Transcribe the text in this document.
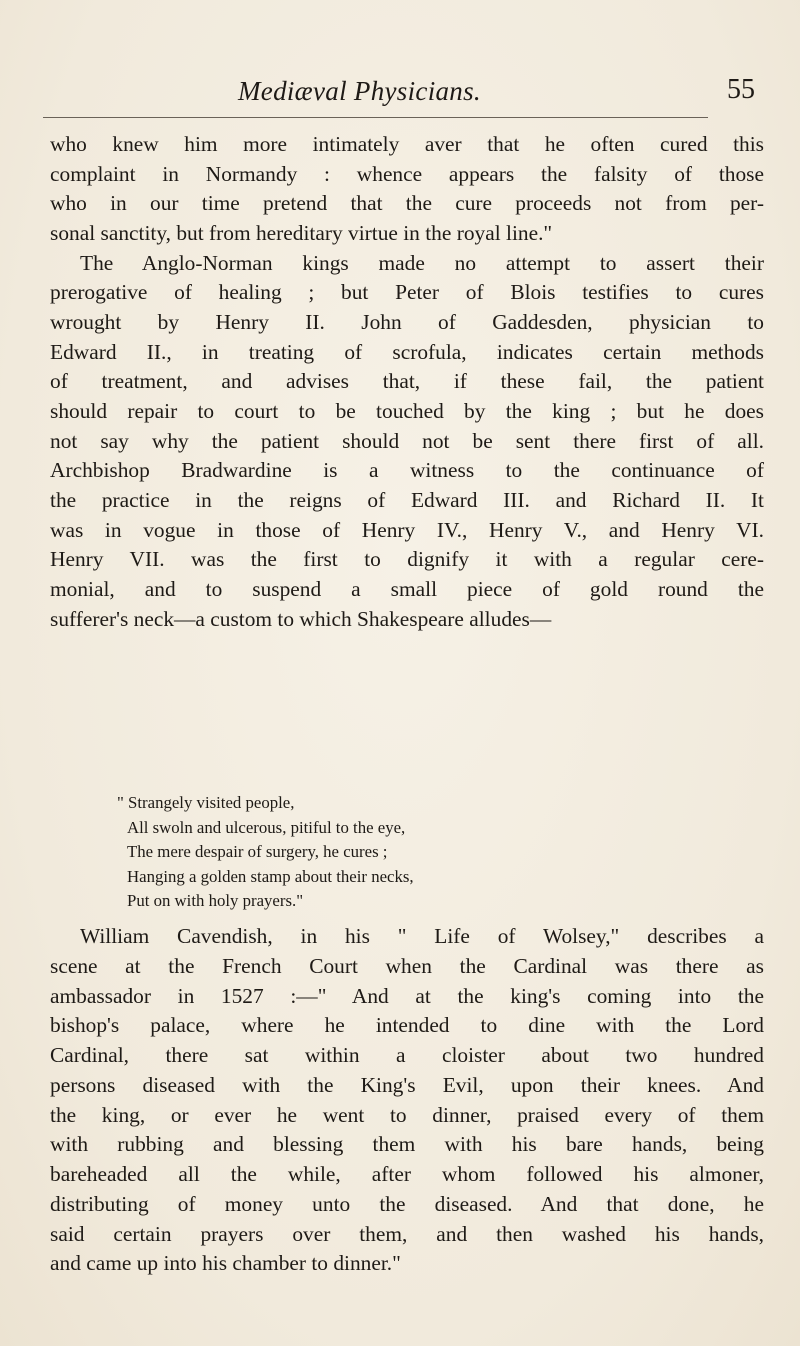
Mediæval Physicians.	55
who knew him more intimately aver that he often cured this
complaint in Normandy : whence appears the falsity of those
who in our time pretend that the cure proceeds not from per-
sonal sanctity, but from hereditary virtue in the royal line."
The Anglo-Norman kings made no attempt to assert their
prerogative of healing ; but Peter of Blois testifies to cures
wrought by Henry II. John of Gaddesden, physician to
Edward II., in treating of scrofula, indicates certain methods
of treatment, and advises that, if these fail, the patient
should repair to court to be touched by the king ; but he does
not say why the patient should not be sent there first of all.
Archbishop Bradwardine is a witness to the continuance of
the practice in the reigns of Edward III. and Richard II. It
was in vogue in those of Henry IV., Henry V., and Henry VI.
Henry VII. was the first to dignify it with a regular cere-
monial, and to suspend a small piece of gold round the
sufferer's neck—a custom to which Shakespeare alludes—
" Strangely visited people,
All swoln and ulcerous, pitiful to the eye,
The mere despair of surgery, he cures ;
Hanging a golden stamp about their necks,
Put on with holy prayers."
William Cavendish, in his " Life of Wolsey," describes a
scene at the French Court when the Cardinal was there as
ambassador in 1527 :—" And at the king's coming into the
bishop's palace, where he intended to dine with the Lord
Cardinal, there sat within a cloister about two hundred
persons diseased with the King's Evil, upon their knees. And
the king, or ever he went to dinner, praised every of them
with rubbing and blessing them with his bare hands, being
bareheaded all the while, after whom followed his almoner,
distributing of money unto the diseased. And that done, he
said certain prayers over them, and then washed his hands,
and came up into his chamber to dinner."
